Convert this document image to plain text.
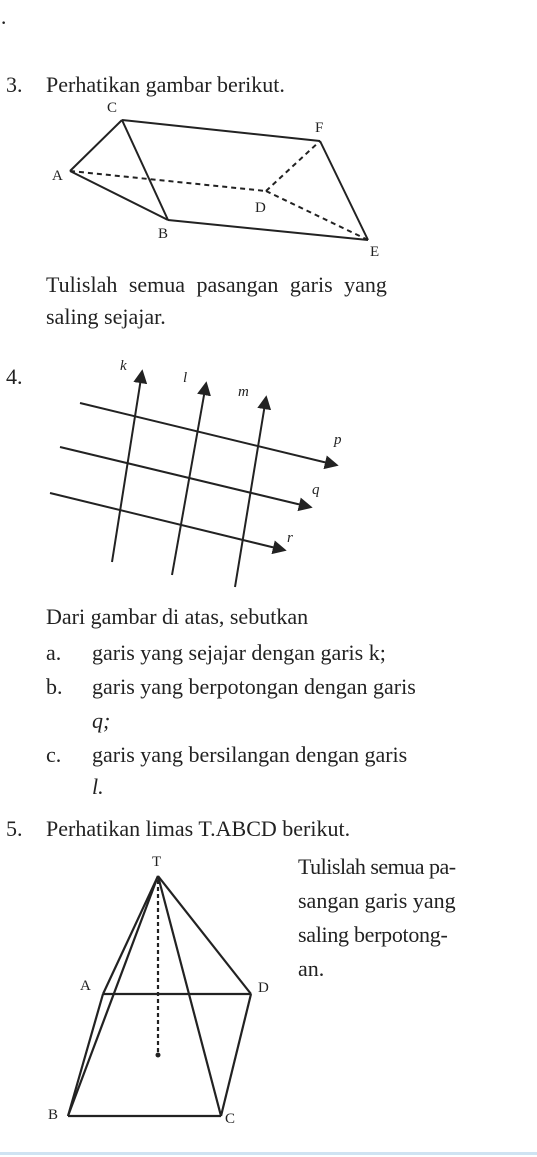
·
3. Perhatikan gambar berikut.
C
F
A
D
B
E
Tulislah semua pasangan garis yang
saling sejajar.
4.	k
l
m
p
q
r
Dari gambar di atas, sebutkan
a. garis yang sejajar dengan garis k;
b. garis yang berpotongan dengan garis
q;
c. garis yang bersilangan dengan garis
l.
5. Perhatikan limas T.ABCD berikut.
Tulislah semua pa-
sangan garis yang
saling berpotong-
an.
T
A	D
B	C
